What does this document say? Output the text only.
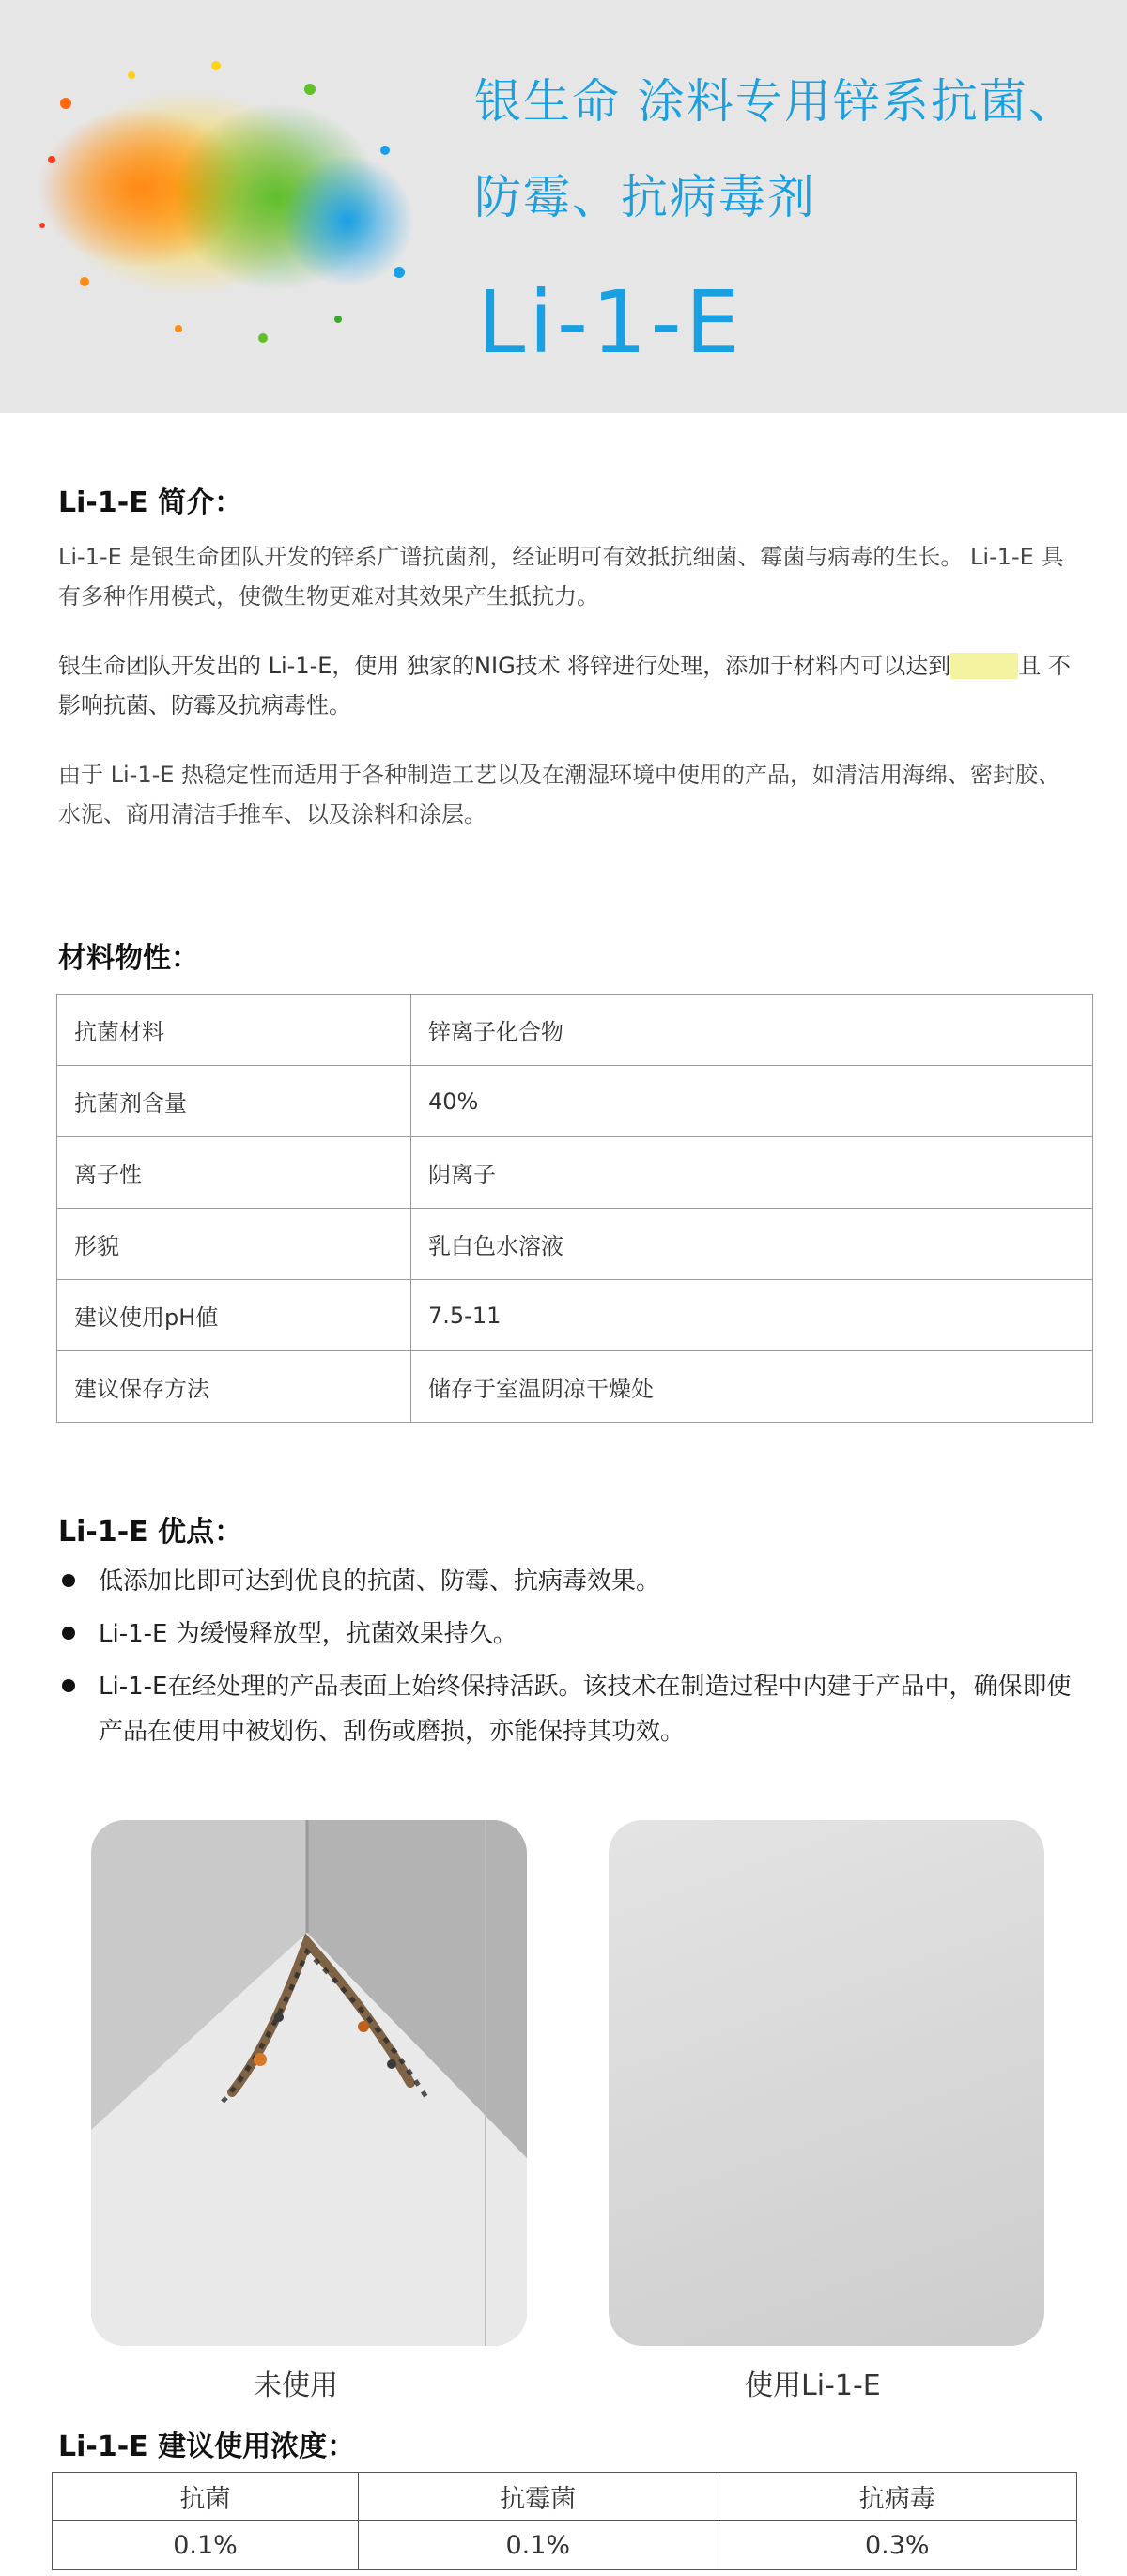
银生命 涂料专用锌系抗菌、
防霉、抗病毒剂
Li-1-E
Li-1-E 简介：
Li-1-E 是银生命团队开发的锌系广谱抗菌剂，经证明可有效抵抗细菌、霉菌与病毒的生长。 Li-1-E 具有多种作用模式，使微生物更难对其效果产生抵抗力。
银生命团队开发出的 Li-1-E，使用 独家的NIG技术 将锌进行处理，添加于材料内可以达到不黄变且 不影响抗菌、防霉及抗病毒性。
由于 Li-1-E 热稳定性而适用于各种制造工艺以及在潮湿环境中使用的产品，如清洁用海绵、密封胶、水泥、商用清洁手推车、以及涂料和涂层。
材料物性：
抗菌材料	锌离子化合物
抗菌剂含量	40%
离子性	阴离子
形貌	乳白色水溶液
建议使用pH値	7.5-11
建议保存方法	储存于室温阴凉干燥处
Li-1-E 优点：
低添加比即可达到优良的抗菌、防霉、抗病毒效果。
Li-1-E 为缓慢释放型，抗菌效果持久。
Li-1-E在经处理的产品表面上始终保持活跃。该技术在制造过程中内建于产品中，确保即使产品在使用中被划伤、刮伤或磨损，亦能保持其功效。
未使用	使用Li-1-E
Li-1-E 建议使用浓度：
抗菌	抗霉菌	抗病毒
0.1%	0.1%	0.3%
